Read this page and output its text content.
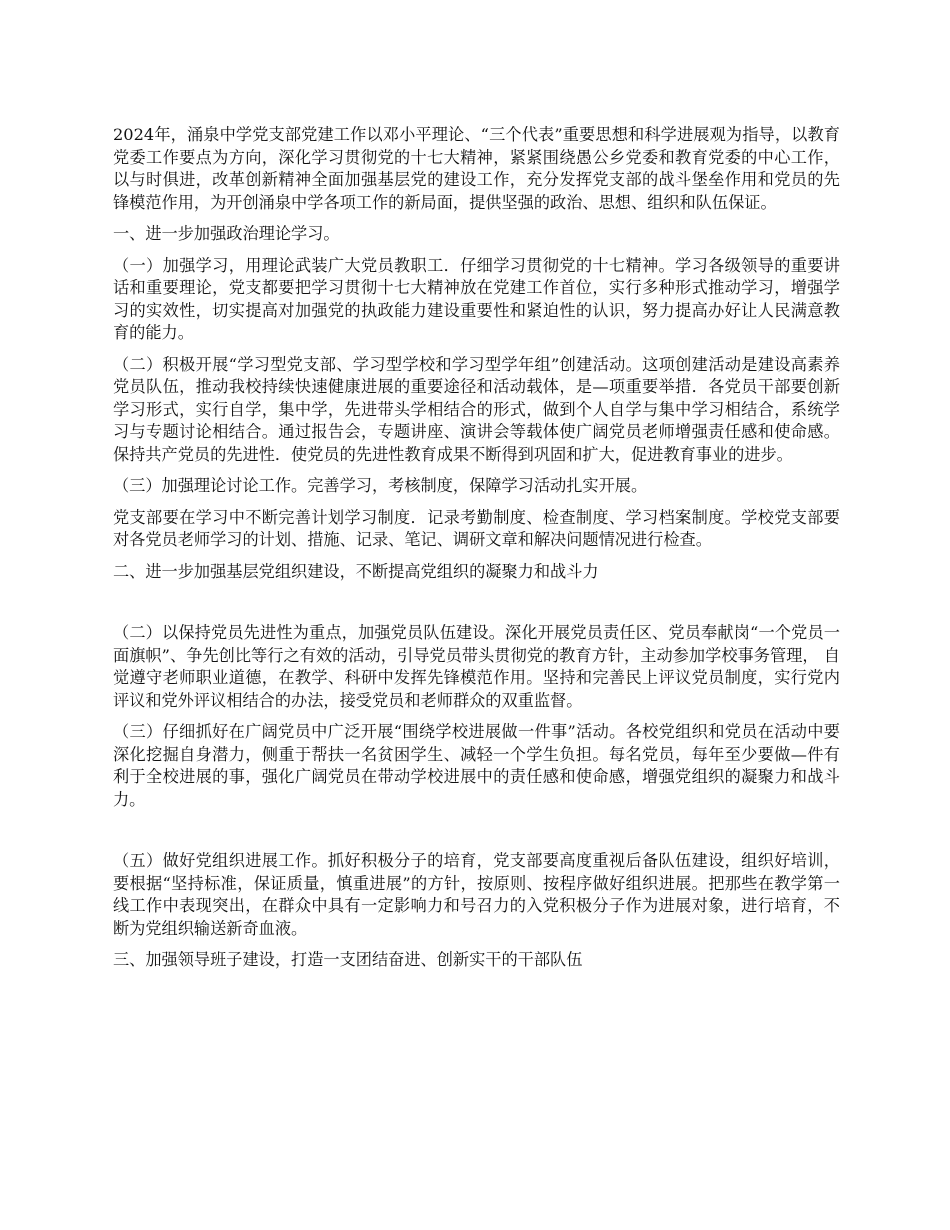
2024年，涌泉中学党支部党建工作以邓小平理论、“三个代表”重要思想和科学进展观为指导，以教育党委工作要点为方向，深化学习贯彻党的十七大精神，紧紧围绕愚公乡党委和教育党委的中心工作，以与时俱进，改革创新精神全面加强基层党的建设工作，充分发挥党支部的战斗堡垒作用和党员的先锋模范作用，为开创涌泉中学各项工作的新局面，提供坚强的政治、思想、组织和队伍保证。

一、进一步加强政治理论学习。

（一）加强学习，用理论武装广大党员教职工．仔细学习贯彻党的十七精神。学习各级领导的重要讲话和重要理论，党支都要把学习贯彻十七大精神放在党建工作首位，实行多种形式推动学习，增强学习的实效性，切实提高对加强党的执政能力建设重要性和紧迫性的认识，努力提高办好让人民满意教育的能力。

（二）积极开展“学习型党支部、学习型学校和学习型学年组”创建活动。这项创建活动是建设高素养党员队伍，推动我校持续快速健康进展的重要途径和活动载体，是—项重要举措．各党员干部要创新学习形式，实行自学，集中学，先进带头学相结合的形式，做到个人自学与集中学习相结合，系统学习与专题讨论相结合。通过报告会，专题讲座、演讲会等载体使广阔党员老师增强责任感和使命感。保持共产党员的先进性．使党员的先进性教育成果不断得到巩固和扩大，促进教育事业的进步。

（三）加强理论讨论工作。完善学习，考核制度，保障学习活动扎实开展。

党支部要在学习中不断完善计划学习制度．记录考勤制度、检查制度、学习档案制度。学校党支部要对各党员老师学习的计划、措施、记录、笔记、调研文章和解决问题情况进行检查。

二、进一步加强基层党组织建设，不断提高党组织的凝聚力和战斗力

（二）以保持党员先进性为重点，加强党员队伍建设。深化开展党员责任区、党员奉献岗“一个党员一面旗帜”、争先创比等行之有效的活动，引导党员带头贯彻党的教育方针，主动参加学校事务管理， 自觉遵守老师职业道德，在教学、科研中发挥先锋模范作用。坚持和完善民上评议党员制度，实行党内评议和党外评议相结合的办法，接受党员和老师群众的双重监督。

（三）仔细抓好在广阔党员中广泛开展“围绕学校进展做一件事”活动。各校党组织和党员在活动中要深化挖掘自身潜力，侧重于帮扶一名贫困学生、减轻一个学生负担。每名党员，每年至少要做—件有利于全校进展的事，强化广阔党员在带动学校进展中的责任感和使命感，增强党组织的凝聚力和战斗力。

（五）做好党组织进展工作。抓好积极分子的培育，党支部要高度重视后备队伍建设，组织好培训，要根据“坚持标准，保证质量，慎重进展”的方针，按原则、按程序做好组织进展。把那些在教学第一线工作中表现突出，在群众中具有一定影响力和号召力的入党积极分子作为进展对象，进行培育，不断为党组织输送新奇血液。

三、加强领导班子建设，打造一支团结奋进、创新实干的干部队伍
